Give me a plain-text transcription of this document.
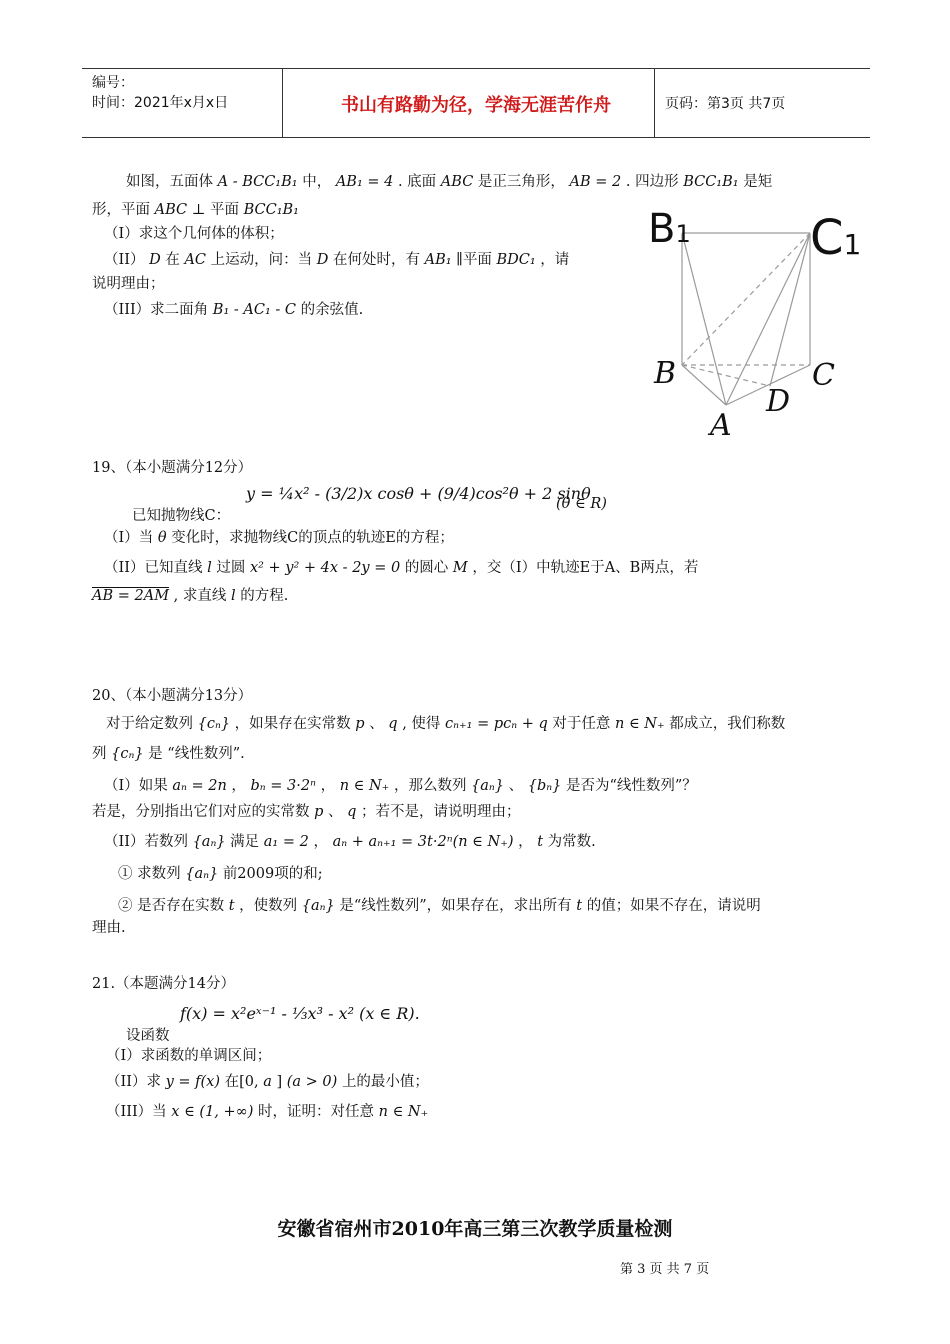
编号：
时间：2021年x月x日	书山有路勤为径，学海无涯苦作舟	页码：第3页 共7页
如图，五面体 A - BCC₁B₁ 中， AB₁ = 4 . 底面 ABC 是正三角形， AB = 2 . 四边形 BCC₁B₁ 是矩
形，平面 ABC ⊥ 平面 BCC₁B₁
（I）求这个几何体的体积；
（II） D 在 AC 上运动，问：当 D 在何处时，有 AB₁ ∥平面 BDC₁ ，请
说明理由；
（III）求二面角 B₁ - AC₁ - C 的余弦值.
B1 C1
B	C
D
A
19、（本小题满分12分）
y = ¼x² - (3/2)x cosθ + (9/4)cos²θ + 2 sinθ
(θ ∈ R)
已知抛物线C：
（I）当 θ 变化时，求抛物线C的顶点的轨迹E的方程；
（II）已知直线 l 过圆 x² + y² + 4x - 2y = 0 的圆心 M ，交（I）中轨迹E于A、B两点，若
AB = 2AM , 求直线 l 的方程.
20、（本小题满分13分）
对于给定数列 {cₙ} ，如果存在实常数 p 、 q , 使得 cₙ₊₁ = pcₙ + q 对于任意 n ∈ N₊ 都成立，我们称数
列 {cₙ} 是 “线性数列”.
（I）如果 aₙ = 2n ， bₙ = 3·2ⁿ ， n ∈ N₊ ，那么数列 {aₙ} 、 {bₙ} 是否为“线性数列”？
若是，分别指出它们对应的实常数 p 、 q ；若不是，请说明理由；
（II）若数列 {aₙ} 满足 a₁ = 2 ， aₙ + aₙ₊₁ = 3t·2ⁿ(n ∈ N₊) ， t 为常数.
① 求数列 {aₙ} 前2009项的和;
② 是否存在实数 t ，使数列 {aₙ} 是“线性数列”，如果存在，求出所有 t 的值；如果不存在，请说明
理由.
21.（本题满分14分）
f(x) = x²eˣ⁻¹ - ⅓x³ - x² (x ∈ R).
设函数
（I）求函数的单调区间；
（II）求 y = f(x) 在[0, a ] (a > 0) 上的最小值；
（III）当 x ∈ (1, +∞) 时，证明：对任意 n ∈ N₊
安徽省宿州市2010年高三第三次教学质量检测
第 3 页 共 7 页
